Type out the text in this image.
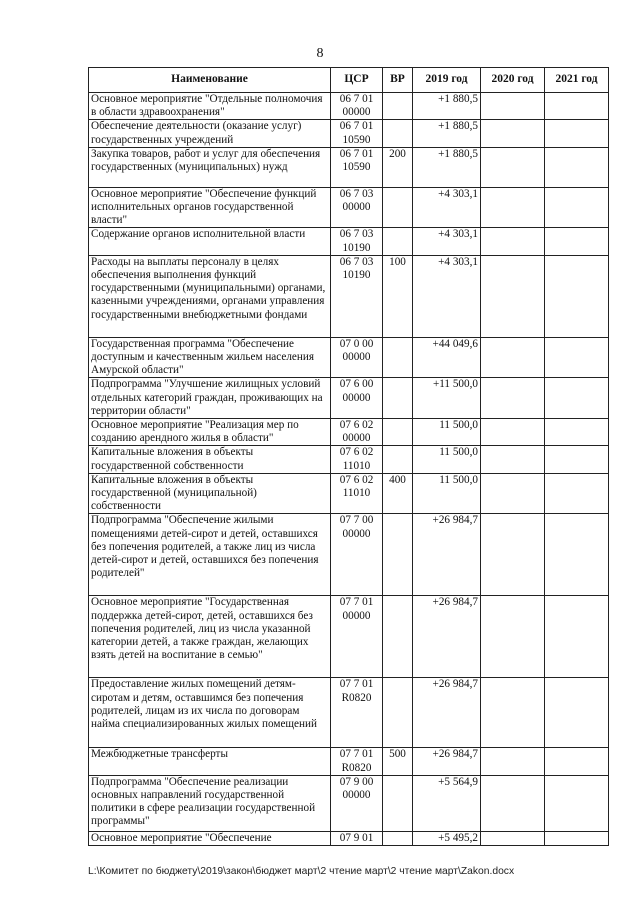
8
Наименование	ЦСР	ВР	2019 год	2020 год	2021 год
Основное мероприятие "Отдельные полномочия в области здравоохранения"	06 7 01 00000		+1 880,5		
Обеспечение деятельности (оказание услуг) государственных учреждений	06 7 01 10590		+1 880,5		
Закупка товаров, работ и услуг для обеспечения государственных (муниципальных) нужд	06 7 01 10590	200	+1 880,5		
Основное мероприятие "Обеспечение функций исполнительных органов государственной власти"	06 7 03 00000		+4 303,1		
Содержание органов исполнительной власти	06 7 03 10190		+4 303,1		
Расходы на выплаты персоналу в целях обеспечения выполнения функций государственными (муниципальными) органами, казенными учреждениями, органами управления государственными внебюджетными фондами	06 7 03 10190	100	+4 303,1		
Государственная программа "Обеспечение доступным и качественным жильем населения Амурской области"	07 0 00 00000		+44 049,6		
Подпрограмма "Улучшение жилищных условий отдельных категорий граждан, проживающих на территории области"	07 6 00 00000		+11 500,0		
Основное мероприятие "Реализация мер по созданию арендного жилья в области"	07 6 02 00000		11 500,0		
Капитальные вложения в объекты государственной собственности	07 6 02 11010		11 500,0		
Капитальные вложения в объекты государственной (муниципальной) собственности	07 6 02 11010	400	11 500,0		
Подпрограмма "Обеспечение жилыми помещениями детей-сирот и детей, оставшихся без попечения родителей, а также лиц из числа детей-сирот и детей, оставшихся без попечения родителей"	07 7 00 00000		+26 984,7		
Основное мероприятие "Государственная поддержка детей-сирот, детей, оставшихся без попечения родителей, лиц из числа указанной категории детей, а также граждан, желающих взять детей на воспитание в семью"	07 7 01 00000		+26 984,7		
Предоставление жилых помещений детям-сиротам и детям, оставшимся без попечения родителей, лицам из их числа по договорам найма специализированных жилых помещений	07 7 01 R0820		+26 984,7		
Межбюджетные трансферты	07 7 01 R0820	500	+26 984,7		
Подпрограмма "Обеспечение реализации основных направлений государственной политики в сфере реализации государственной программы"	07 9 00 00000		+5 564,9		
Основное мероприятие "Обеспечение	07 9 01		+5 495,2		
L:\Комитет по бюджету\2019\закон\бюджет март\2 чтение март\2 чтение март\Zakon.docx
